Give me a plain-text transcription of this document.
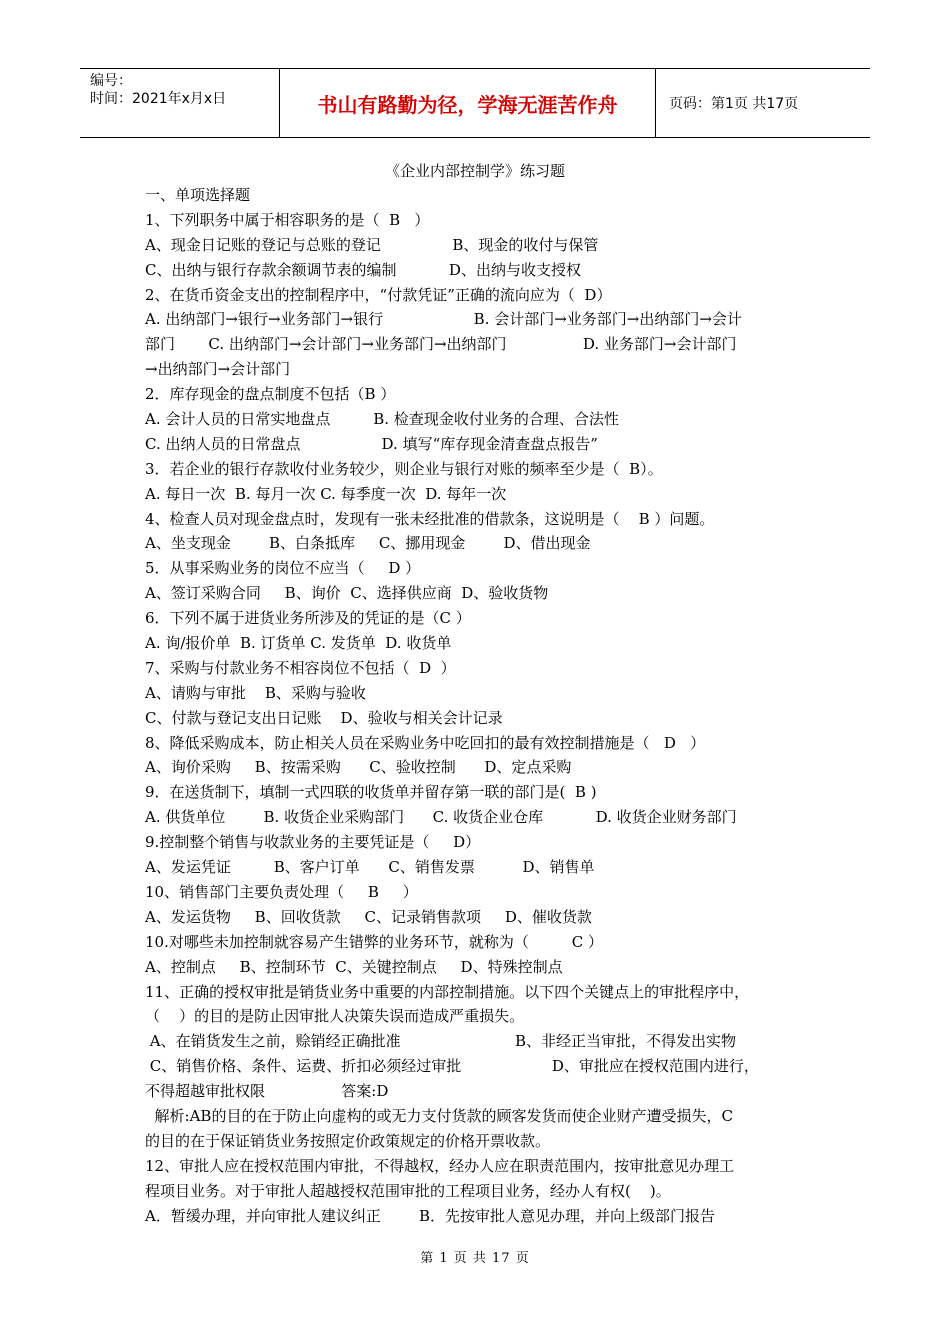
编号：
时间：2021年x月x日	书山有路勤为径，学海无涯苦作舟	页码：第1页 共17页
《企业内部控制学》练习题
一、单项选择题
1、下列职务中属于相容职务的是（  B   ）
A、现金日记账的登记与总账的登记               B、现金的收付与保管
C、出纳与银行存款余额调节表的编制           D、出纳与收支授权
2、在货币资金支出的控制程序中，“付款凭证”正确的流向应为（  D）
A. 出纳部门→银行→业务部门→银行                   B. 会计部门→业务部门→出纳部门→会计
部门       C. 出纳部门→会计部门→业务部门→出纳部门                D. 业务部门→会计部门
→出纳部门→会计部门
2．库存现金的盘点制度不包括（B ）
A. 会计人员的日常实地盘点         B. 检查现金收付业务的合理、合法性
C. 出纳人员的日常盘点                 D. 填写“库存现金清查盘点报告”
3．若企业的银行存款收付业务较少，则企业与银行对账的频率至少是（  B）。
A. 每日一次  B. 每月一次 C. 每季度一次  D. 每年一次
4、检查人员对现金盘点时，发现有一张未经批准的借款条，这说明是（    B ）问题。
A、坐支现金        B、白条抵库     C、挪用现金        D、借出现金
5．从事采购业务的岗位不应当（     D ）
A、签订采购合同     B、询价  C、选择供应商  D、验收货物
6．下列不属于进货业务所涉及的凭证的是（C ）
A. 询/报价单  B. 订货单 C. 发货单  D. 收货单
7、采购与付款业务不相容岗位不包括（  D  ）
A、请购与审批    B、采购与验收
C、付款与登记支出日记账    D、验收与相关会计记录
8、降低采购成本，防止相关人员在采购业务中吃回扣的最有效控制措施是（   D   ）
A、询价采购     B、按需采购      C、验收控制      D、定点采购
9．在送货制下，填制一式四联的收货单并留存第一联的部门是(  B )
A. 供货单位        B. 收货企业采购部门      C. 收货企业仓库           D. 收货企业财务部门
9.控制整个销售与收款业务的主要凭证是（     D）
A、发运凭证         B、客户订单      C、销售发票          D、销售单
10、销售部门主要负责处理（     B     ）
A、发运货物     B、回收货款     C、记录销售款项     D、催收货款
10.对哪些未加控制就容易产生错弊的业务环节，就称为（         C ）
A、控制点     B、控制环节  C、关键控制点     D、特殊控制点
11、正确的授权审批是销货业务中重要的内部控制措施。以下四个关键点上的审批程序中，
（    ）的目的是防止因审批人决策失误而造成严重损失。
A、在销货发生之前，赊销经正确批准                        B、非经正当审批，不得发出实物
C、销售价格、条件、运费、折扣必须经过审批                   D、审批应在授权范围内进行，
不得超越审批权限                答案:D
解析:AB的目的在于防止向虚构的或无力支付货款的顾客发货而使企业财产遭受损失，C
的目的在于保证销货业务按照定价政策规定的价格开票收款。
12、审批人应在授权范围内审批，不得越权，经办人应在职责范围内，按审批意见办理工
程项目业务。对于审批人超越授权范围审批的工程项目业务，经办人有权(    )。
A．暂缓办理，并向审批人建议纠正        B．先按审批人意见办理，并向上级部门报告
第 1 页 共 17 页
